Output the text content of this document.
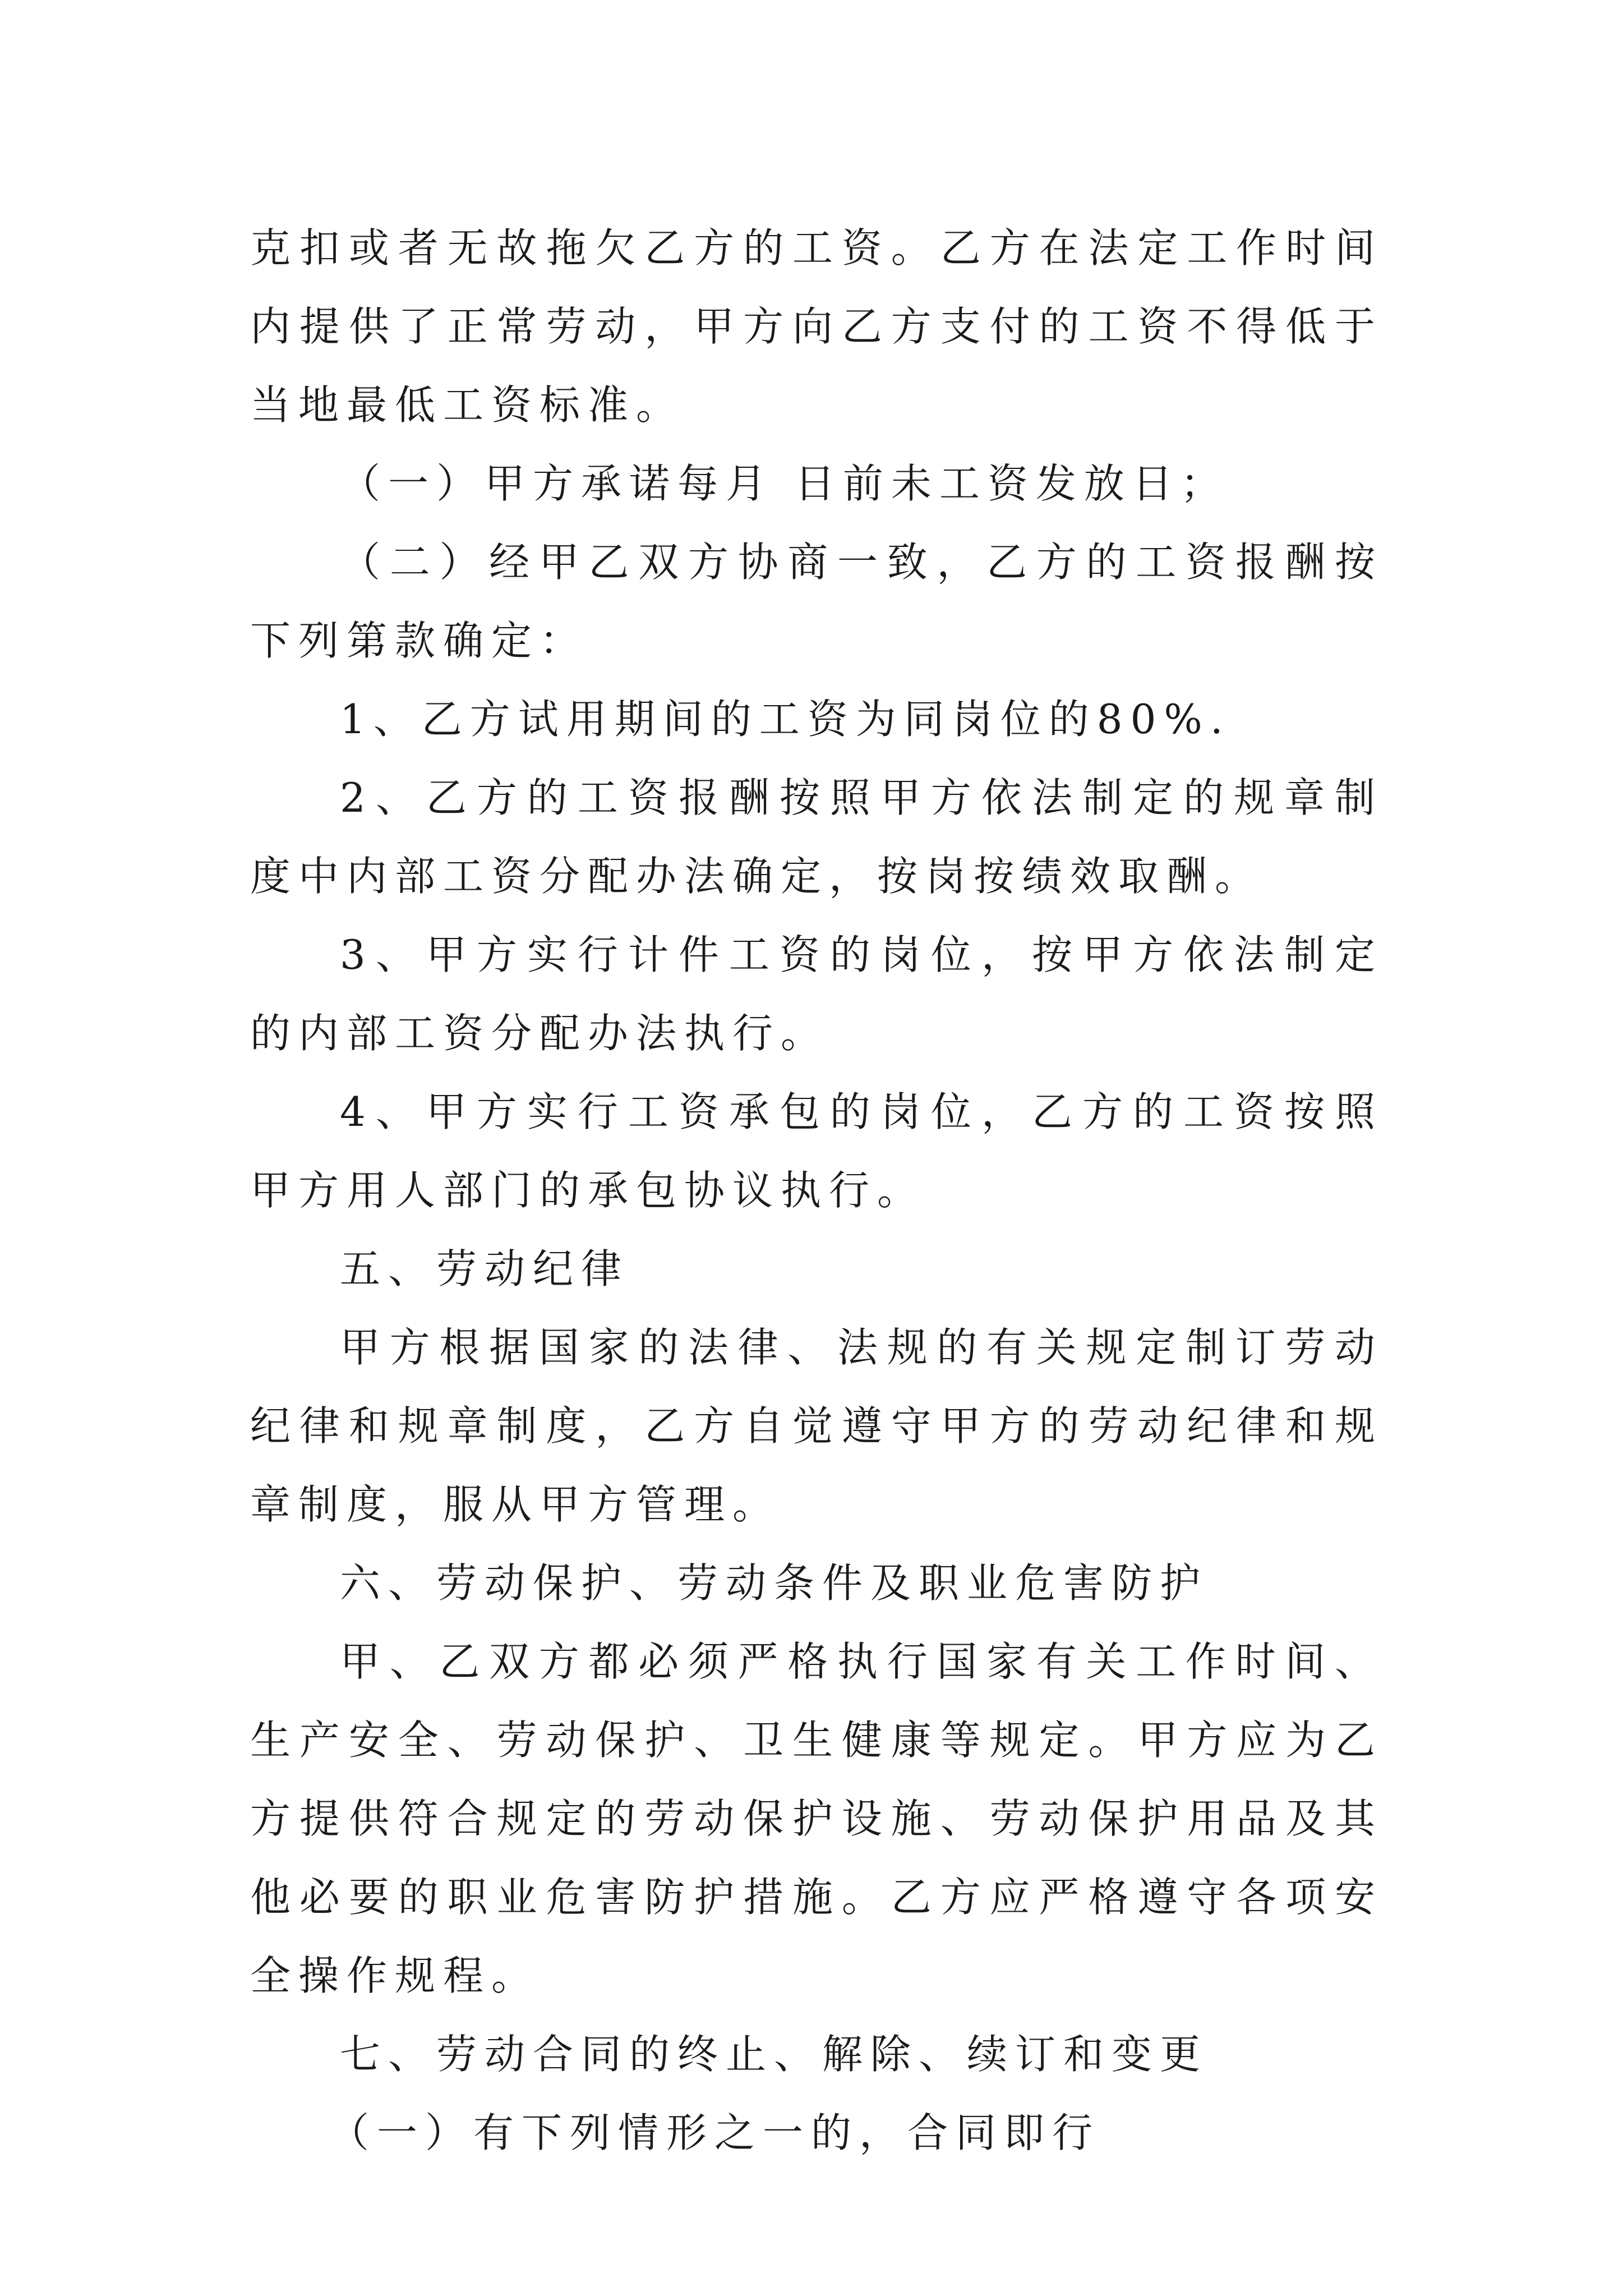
克扣或者无故拖欠乙方的工资。乙方在法定工作时间内提供了正常劳动，甲方向乙方支付的工资不得低于当地最低工资标准。

（一）甲方承诺每月 日前未工资发放日；

（二）经甲乙双方协商一致，乙方的工资报酬按下列第款确定：

1、乙方试用期间的工资为同岗位的80%.

2、乙方的工资报酬按照甲方依法制定的规章制度中内部工资分配办法确定，按岗按绩效取酬。

3、甲方实行计件工资的岗位，按甲方依法制定的内部工资分配办法执行。

4、甲方实行工资承包的岗位，乙方的工资按照甲方用人部门的承包协议执行。

五、劳动纪律

甲方根据国家的法律、法规的有关规定制订劳动纪律和规章制度，乙方自觉遵守甲方的劳动纪律和规章制度，服从甲方管理。

六、劳动保护、劳动条件及职业危害防护

甲、乙双方都必须严格执行国家有关工作时间、生产安全、劳动保护、卫生健康等规定。甲方应为乙方提供符合规定的劳动保护设施、劳动保护用品及其他必要的职业危害防护措施。乙方应严格遵守各项安全操作规程。

七、劳动合同的终止、解除、续订和变更

（一）有下列情形之一的，合同即行
